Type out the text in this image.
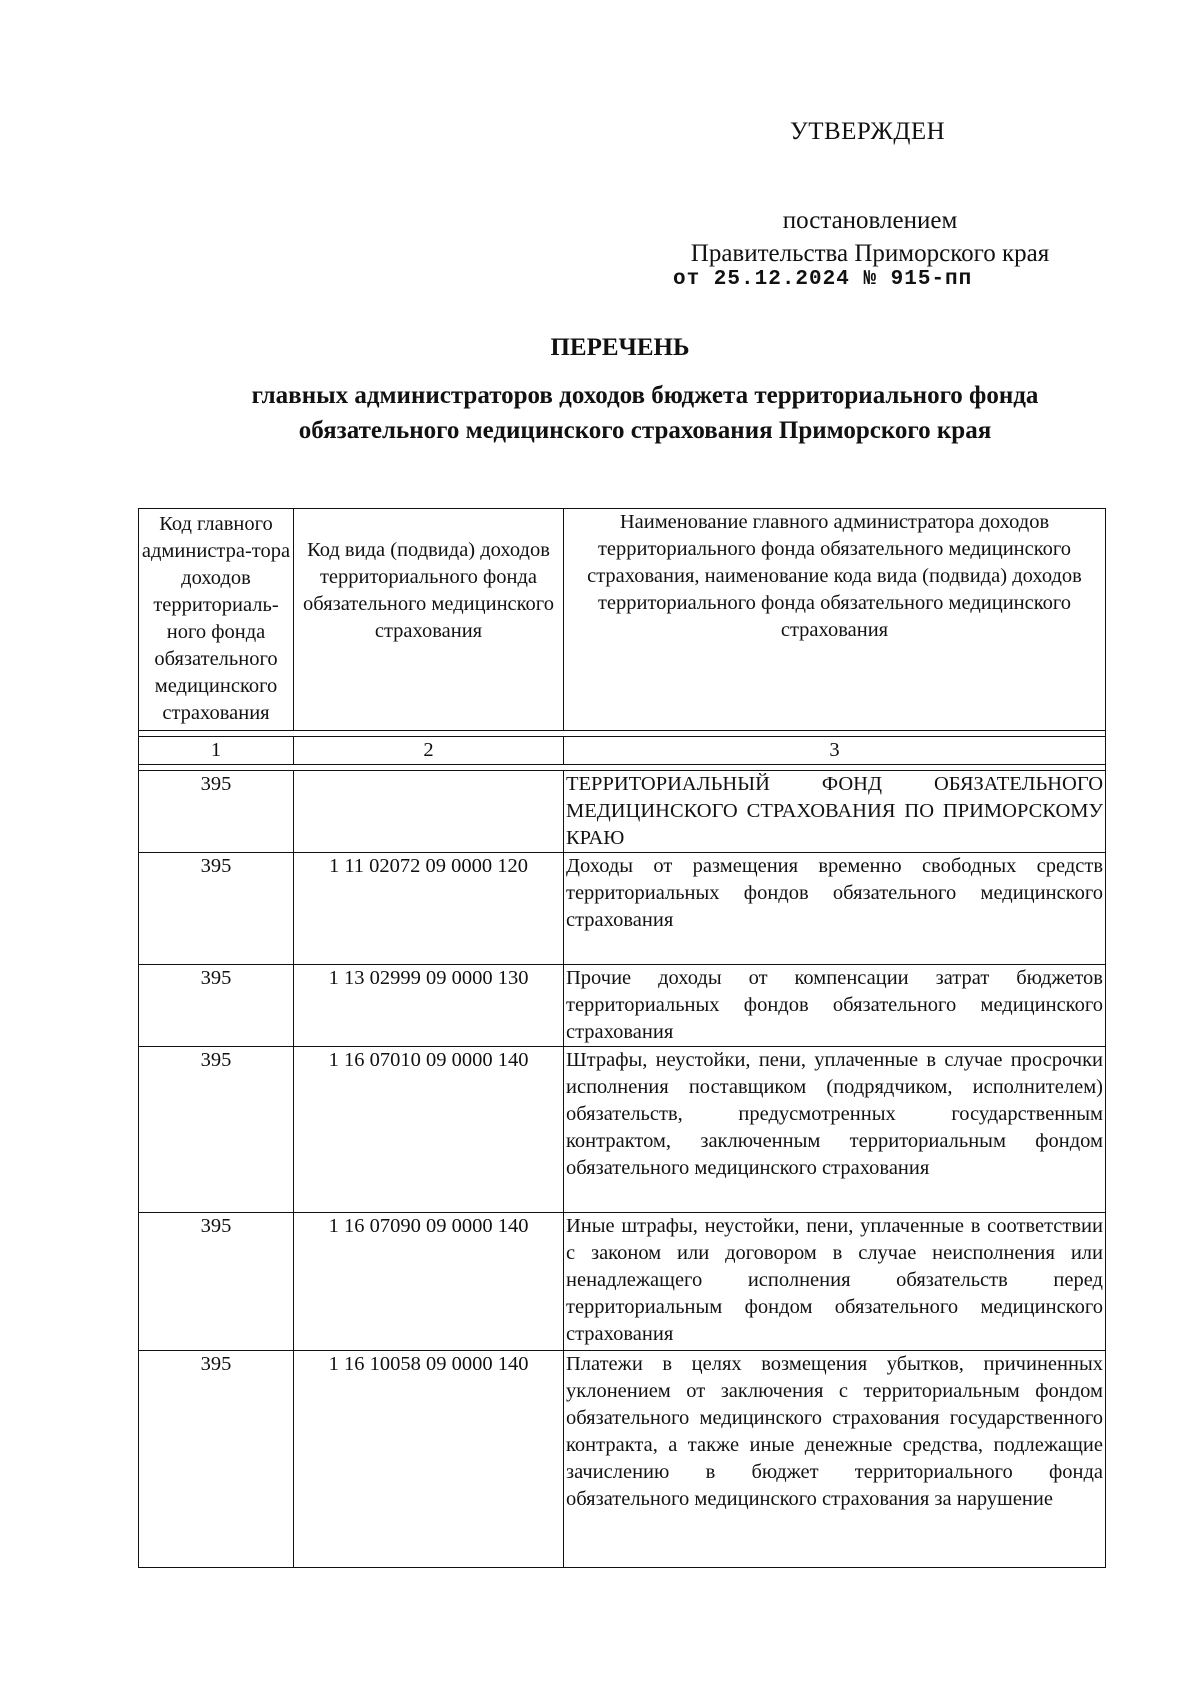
УТВЕРЖДЕН
постановлением
Правительства Приморского края
от 25.12.2024 № 915-пп
ПЕРЕЧЕНЬ
главных администраторов доходов бюджета территориального фонда
обязательного медицинского страхования Приморского края
Код главного администра-тора доходов территориаль-ного фонда обязательного медицинского страхования	Код вида (подвида) доходов территориального фонда обязательного медицинского страхования	Наименование главного администратора доходов территориального фонда обязательного медицинского страхования, наименование кода вида (подвида) доходов территориального фонда обязательного медицинского страхования

1	2	3

395		ТЕРРИТОРИАЛЬНЫЙ ФОНД ОБЯЗАТЕЛЬНОГО МЕДИЦИНСКОГО СТРАХОВАНИЯ ПО ПРИМОРСКОМУ КРАЮ
395	1 11 02072 09 0000 120	Доходы от размещения временно свободных средств территориальных фондов обязательного медицинского страхования
395	1 13 02999 09 0000 130	Прочие доходы от компенсации затрат бюджетов территориальных фондов обязательного медицинского страхования
395	1 16 07010 09 0000 140	Штрафы, неустойки, пени, уплаченные в случае просрочки исполнения поставщиком (подрядчиком, исполнителем) обязательств, предусмотренных государственным контрактом, заключенным территориальным фондом обязательного медицинского страхования
395	1 16 07090 09 0000 140	Иные штрафы, неустойки, пени, уплаченные в соответствии с законом или договором в случае неисполнения или ненадлежащего исполнения обязательств перед территориальным фондом обязательного медицинского страхования
395	1 16 10058 09 0000 140	Платежи в целях возмещения убытков, причиненных уклонением от заключения с территориальным фондом обязательного медицинского страхования государственного контракта, а также иные денежные средства, подлежащие зачислению в бюджет территориального фонда обязательного медицинского страхования за нарушение
